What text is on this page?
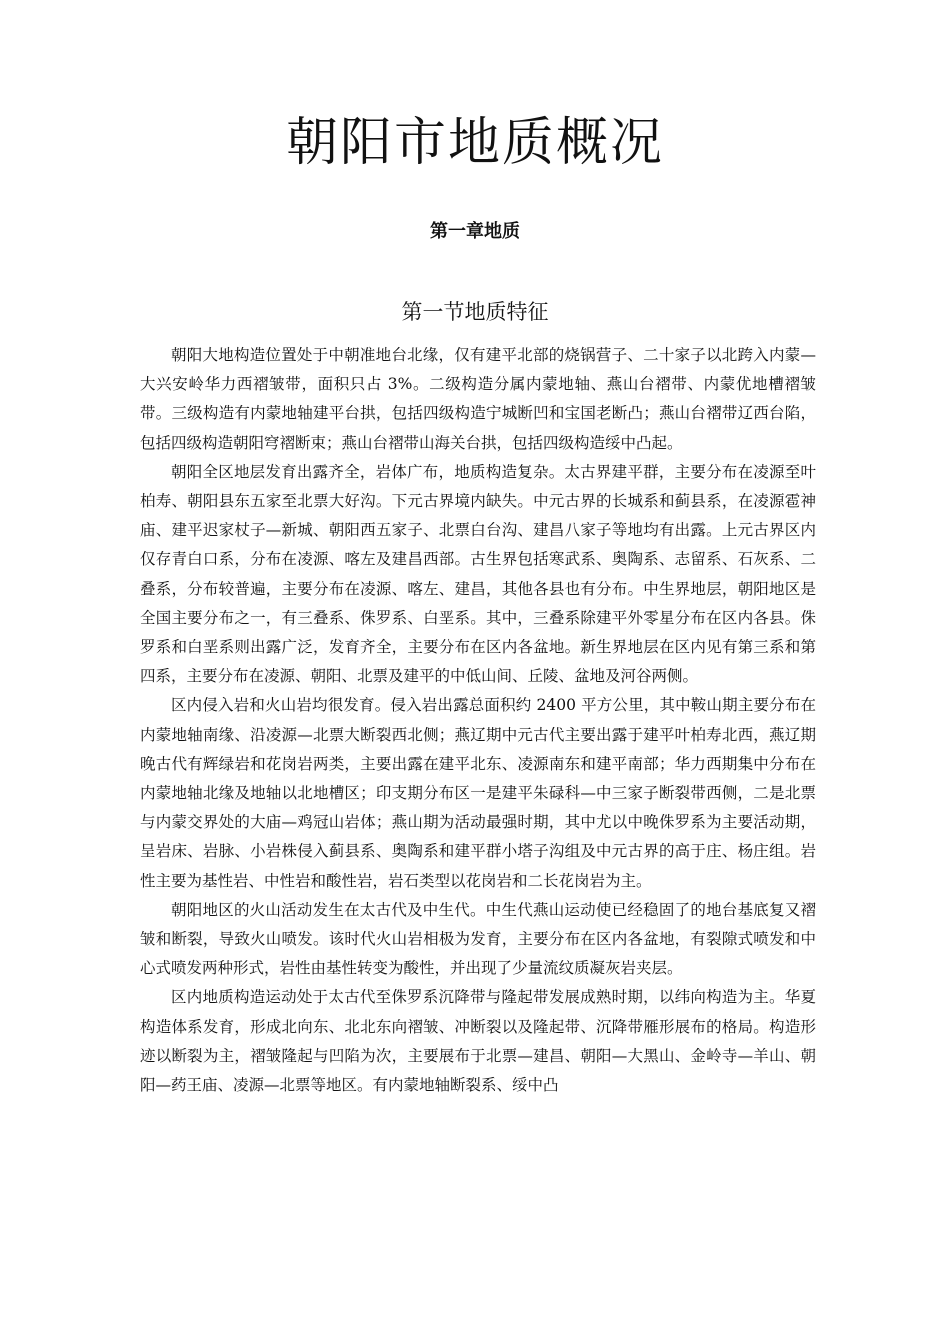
朝阳市地质概况
第一章地质
第一节地质特征

朝阳大地构造位置处于中朝准地台北缘，仅有建平北部的烧锅营子、二十家子以北跨入内蒙—大兴安岭华力西褶皱带，面积只占 3%。二级构造分属内蒙地轴、燕山台褶带、内蒙优地槽褶皱带。三级构造有内蒙地轴建平台拱，包括四级构造宁城断凹和宝国老断凸；燕山台褶带辽西台陷，包括四级构造朝阳穹褶断束；燕山台褶带山海关台拱，包括四级构造绥中凸起。

朝阳全区地层发育出露齐全，岩体广布，地质构造复杂。太古界建平群，主要分布在凌源至叶柏寿、朝阳县东五家至北票大好沟。下元古界境内缺失。中元古界的长城系和蓟县系，在凌源雹神庙、建平迟家杖子—新城、朝阳西五家子、北票白台沟、建昌八家子等地均有出露。上元古界区内仅存青白口系，分布在凌源、喀左及建昌西部。古生界包括寒武系、奥陶系、志留系、石灰系、二叠系，分布较普遍，主要分布在凌源、喀左、建昌，其他各县也有分布。中生界地层，朝阳地区是全国主要分布之一，有三叠系、侏罗系、白垩系。其中，三叠系除建平外零星分布在区内各县。侏罗系和白垩系则出露广泛，发育齐全，主要分布在区内各盆地。新生界地层在区内见有第三系和第四系，主要分布在凌源、朝阳、北票及建平的中低山间、丘陵、盆地及河谷两侧。

区内侵入岩和火山岩均很发育。侵入岩出露总面积约 2400 平方公里，其中鞍山期主要分布在内蒙地轴南缘、沿凌源—北票大断裂西北侧；燕辽期中元古代主要出露于建平叶柏寿北西，燕辽期晚古代有辉绿岩和花岗岩两类，主要出露在建平北东、凌源南东和建平南部；华力西期集中分布在内蒙地轴北缘及地轴以北地槽区；印支期分布区一是建平朱碌科—中三家子断裂带西侧，二是北票与内蒙交界处的大庙—鸡冠山岩体；燕山期为活动最强时期，其中尤以中晚侏罗系为主要活动期，呈岩床、岩脉、小岩株侵入蓟县系、奥陶系和建平群小塔子沟组及中元古界的高于庄、杨庄组。岩性主要为基性岩、中性岩和酸性岩，岩石类型以花岗岩和二长花岗岩为主。

朝阳地区的火山活动发生在太古代及中生代。中生代燕山运动使已经稳固了的地台基底复又褶皱和断裂，导致火山喷发。该时代火山岩相极为发育，主要分布在区内各盆地，有裂隙式喷发和中心式喷发两种形式，岩性由基性转变为酸性，并出现了少量流纹质凝灰岩夹层。

区内地质构造运动处于太古代至侏罗系沉降带与隆起带发展成熟时期，以纬向构造为主。华夏构造体系发育，形成北向东、北北东向褶皱、冲断裂以及隆起带、沉降带雁形展布的格局。构造形迹以断裂为主，褶皱隆起与凹陷为次，主要展布于北票—建昌、朝阳—大黑山、金岭寺—羊山、朝阳—药王庙、凌源—北票等地区。有内蒙地轴断裂系、绥中凸
